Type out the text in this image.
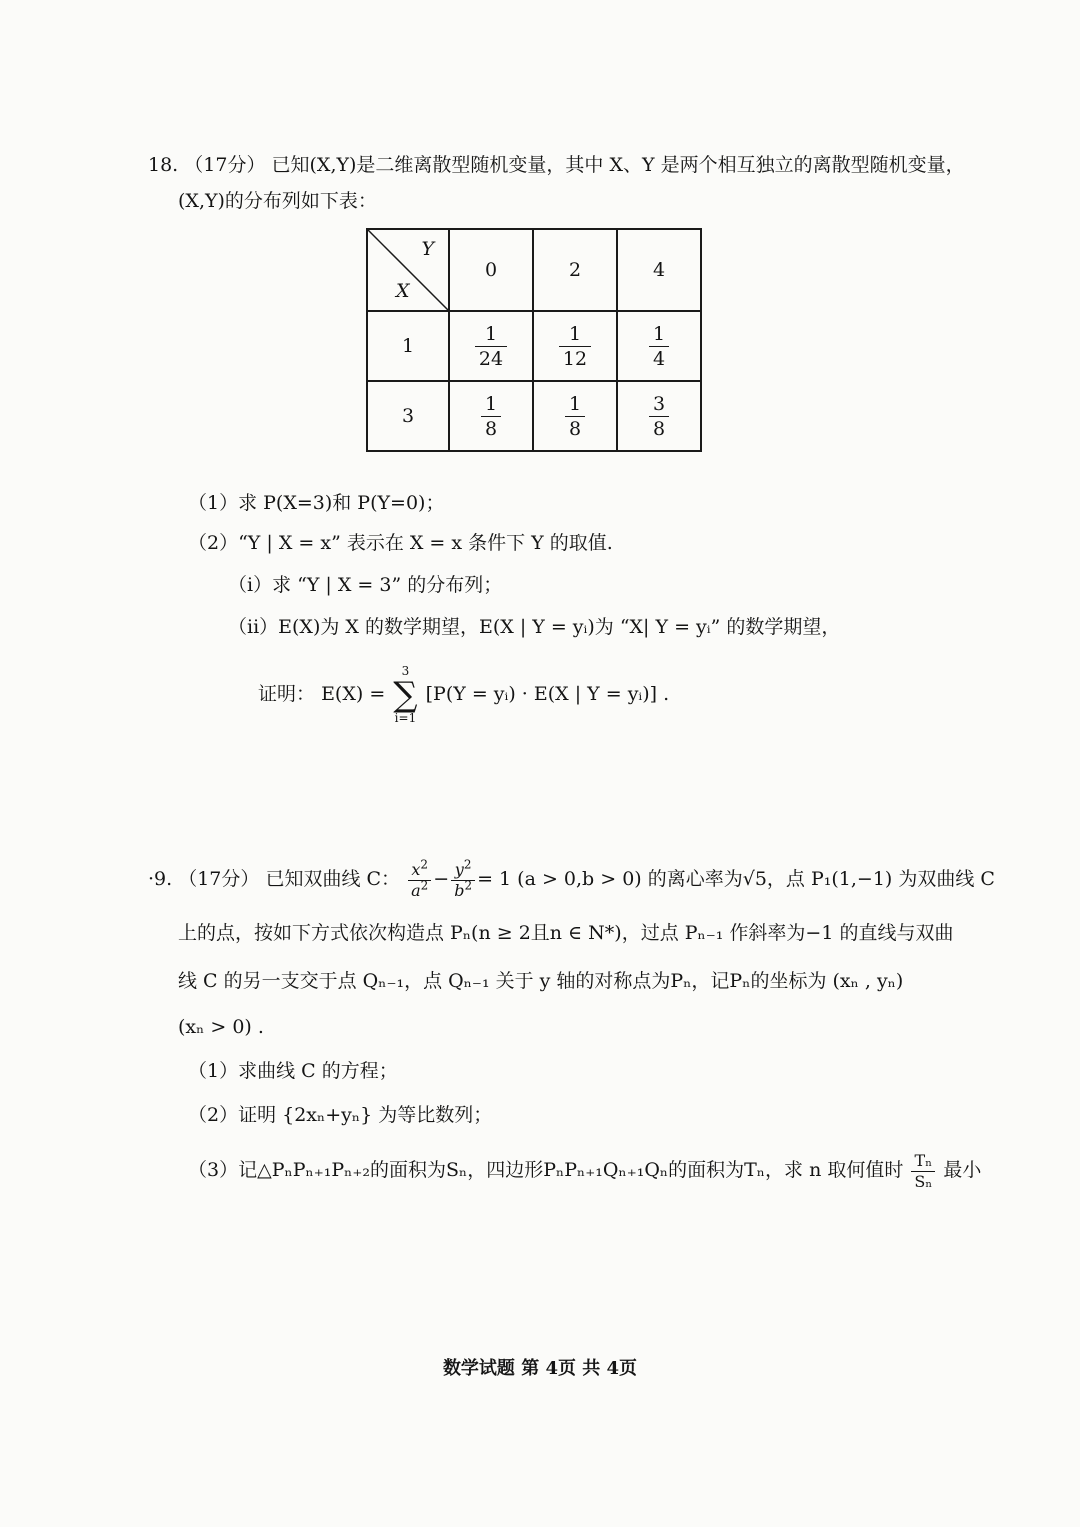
18. （17分） 已知(X,Y)是二维离散型随机变量，其中 X、Y 是两个相互独立的离散型随机变量，
(X,Y)的分布列如下表：
Y
X	0	2	4
1	$\frac{1}{24}$	$\frac{1}{12}$	$\frac{1}{4}$

3	$\frac{1}{8}$	$\frac{1}{8}$	$\frac{3}{8}$
（1）求 P(X=3)和 P(Y=0)；
（2）“Y | X = x” 表示在 X = x 条件下 Y 的取值.
（i）求 “Y | X = 3” 的分布列；
（ii）E(X)为 X 的数学期望，E(X | Y = yᵢ)为 “X| Y = yᵢ” 的数学期望，
证明： E(X) =
3
∑
i=1
[P(Y = yᵢ) · E(X | Y = yᵢ)] .
·9. （17分） 已知双曲线 C： $\frac{x^2}{a^2} - \frac{y^2}{b^2} = 1$ (a > 0,b > 0) 的离心率为√5，点 P₁(1,−1) 为双曲线 C
上的点，按如下方式依次构造点 Pₙ(n ≥ 2且n ∈ N*)，过点 Pₙ₋₁ 作斜率为−1 的直线与双曲
线 C 的另一支交于点 Qₙ₋₁，点 Qₙ₋₁ 关于 y 轴的对称点为Pₙ，记Pₙ的坐标为 (xₙ , yₙ)
(xₙ > 0) .
（1）求曲线 C 的方程；
（2）证明 {2xₙ+yₙ} 为等比数列；
（3）记△PₙPₙ₊₁Pₙ₊₂的面积为Sₙ，四边形PₙPₙ₊₁Qₙ₊₁Qₙ的面积为Tₙ，求 n 取何值时 $\frac{\text{Tₙ}}{\text{Sₙ}}$ 最小
数学试题 第 4页 共 4页
